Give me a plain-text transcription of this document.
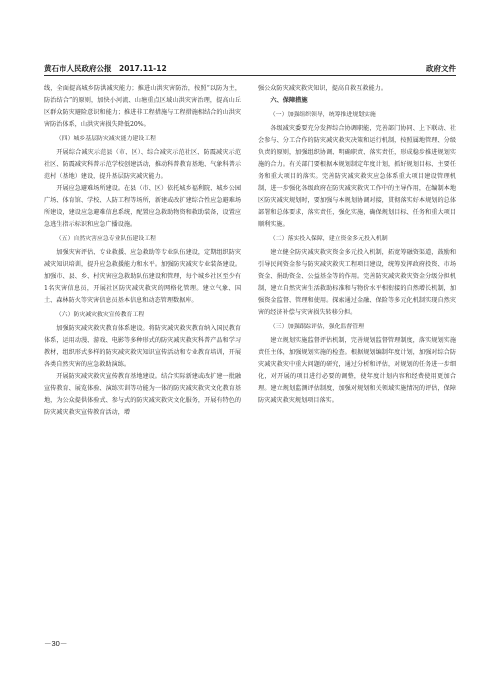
黄石市人民政府公报　2017.11-12	政府文件

线，全面提高城乡防洪减灾能力；推进山洪灾害防治，按照“以防为主，防治结合”的原则，加快小河流、山塘重点区域山洪灾害治理，提高山丘区群众防灾避险意识和能力；推进非工程措施与工程措施相结合的山洪灾害防治体系，山洪灾害损失降低20%。

（四）城乡基层防灾减灾能力建设工程

开展综合减灾示范县（市、区）、综合减灾示范社区、防震减灾示范社区、防震减灾科普示范学校创建活动，推动科普教育基地、气象科普示范村（基地）建设，提升基层防灾减灾能力。

开展应急避难场所建设。在县（市、区）依托城乡福利院、城乡公园广场、体育馆、学校、人防工程等场所，新建或改扩建综合性应急避难场所建设，建设应急避难信息系统，配置应急救助物资和救助装备，设置应急逃生指示标识和应急广播设施。

（五）自然灾害应急专业队伍建设工程

加强灾害评估、专业救援、应急救助等专业队伍建设，定期组织防灾减灾知识培训，提升应急救援能力和水平。加强防灾减灾专业装备建设。加强市、县、乡、村灾害应急救助队伍建设和管理，每个城乡社区至少有1名灾害信息员，开展社区防灾减灾救灾的网格化管理。建立气象、国土、森林防火等灾害信息员基本信息和动态管理数据库。

（六）防灾减灾救灾宣传教育工程

加强防灾减灾救灾教育体系建设。将防灾减灾救灾教育纳入国民教育体系，运用动漫、游戏、电影等多种形式的防灾减灾救灾科普产品和学习教材，组织形式多样的防灾减灾救灾知识宣传活动和专业教育培训，开展各类自然灾害的应急救助演练。

开展防灾减灾救灾宣传教育基地建设。结合实际新建或改扩建一批融宣传教育、展览体验、演练实训等功能为一体的防灾减灾救灾文化教育基地，为公众提供体验式、参与式的防灾减灾救灾文化服务，开展有特色的防灾减灾救灾宣传教育活动，增

强公众防灾减灾救灾知识，提高自救互救能力。

六、保障措施

（一）加强组织领导，统筹推进规划实施

各级减灾委要充分发挥综合协调职能，完善部门协同、上下联动、社会参与、分工合作的防灾减灾救灾决策和运行机制，按照属地管理、分级负责的原则，加强组织协调、明确职责、落实责任，形成稳步推进规划实施的合力。有关部门要根据本规划制定年度计划，抓好规划目标、主要任务和重大项目的落实。完善防灾减灾救灾应急体系重大项目建设管理机制，进一步强化各级政府在防灾减灾救灾工作中的主导作用，在编制本地区防灾减灾规划时，要加强与本规划协调对接，贯彻落实好本规划的总体部署和总体要求，落实责任，强化实施，确保规划目标、任务和重大项目顺利实施。

（二）落实投入保障，建立资金多元投入机制

建立健全防灾减灾救灾资金多元投入机制，拓宽筹融资渠道，鼓励和引导民间资金参与防灾减灾救灾工程项目建设，统筹发挥政府投资、市场资金、捐助资金、公益基金等的作用。完善防灾减灾救灾资金分级分担机制，建立自然灾害生活救助标准和与物价水平相衔接的自然增长机制，加强资金监督、管理和使用。探索通过金融、保险等多元化机制实现自然灾害的经济补偿与灾害损失转移分担。

（三）加强跟踪评估，强化监督管理

建立规划实施监督评估机制，完善规划监督管理制度，落实规划实施责任主体，加强规划实施的检查。根据规划编制年度计划，加强对综合防灾减灾救灾中重大问题的研究，通过分析和评估，对规划的任务进一步细化，对开展的项目进行必要的调整，使年度计划内容和经费使用更加合理。建立规划监测评估制度，加强对规划和关领域实施情况的评估，保障防灾减灾救灾规划项目落实。

－30－
